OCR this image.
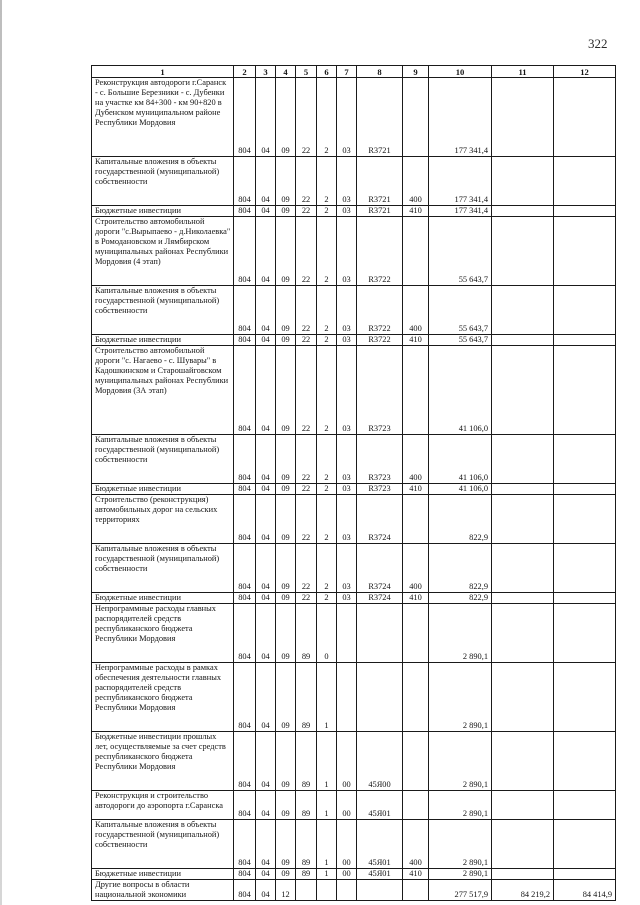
322
1	2	3	4	5	6	7	8	9	10	11	12
Реконструкция автодороги г.Саранск - с. Большие Березники - с. Дубенки на участке км 84+300 - км 90+820 в Дубенском муниципальном районе Республики Мордовия	804	04	09	22	2	03	R3721		177 341,4		
Капитальные вложения в объекты государственной (муниципальной) собственности	804	04	09	22	2	03	R3721	400	177 341,4		
Бюджетные инвестиции	804	04	09	22	2	03	R3721	410	177 341,4		
Строительство автомобильной дороги "с.Вырыпаево - д.Николаевка" в Ромодановском и Лямбирском муниципальных районах Республики Мордовия (4 этап)	804	04	09	22	2	03	R3722		55 643,7		
Капитальные вложения в объекты государственной (муниципальной) собственности	804	04	09	22	2	03	R3722	400	55 643,7		
Бюджетные инвестиции	804	04	09	22	2	03	R3722	410	55 643,7		
Строительство автомобильной дороги "с. Нагаево - с. Шувары" в Кадошкинском и Старошайговском муниципальных районах Республики Мордовия (3А этап)	804	04	09	22	2	03	R3723		41 106,0		
Капитальные вложения в объекты государственной (муниципальной) собственности	804	04	09	22	2	03	R3723	400	41 106,0		
Бюджетные инвестиции	804	04	09	22	2	03	R3723	410	41 106,0		
Строительство (реконструкция) автомобильных дорог на сельских территориях	804	04	09	22	2	03	R3724		822,9		
Капитальные вложения в объекты государственной (муниципальной) собственности	804	04	09	22	2	03	R3724	400	822,9		
Бюджетные инвестиции	804	04	09	22	2	03	R3724	410	822,9		
Непрограммные расходы главных распорядителей средств республиканского бюджета Республики Мордовия	804	04	09	89	0				2 890,1		
Непрограммные расходы в рамках обеспечения деятельности главных распорядителей средств республиканского бюджета Республики Мордовия	804	04	09	89	1				2 890,1		
Бюджетные инвестиции прошлых лет, осуществляемые за счет средств республиканского бюджета Республики Мордовия	804	04	09	89	1	00	45Я00		2 890,1		
Реконструкция и строительство автодороги до аэропорта г.Саранска	804	04	09	89	1	00	45Я01		2 890,1		
Капитальные вложения в объекты государственной (муниципальной) собственности	804	04	09	89	1	00	45Я01	400	2 890,1		
Бюджетные инвестиции	804	04	09	89	1	00	45Я01	410	2 890,1		
Другие вопросы в области национальной экономики	804	04	12						277 517,9	84 219,2	84 414,9
